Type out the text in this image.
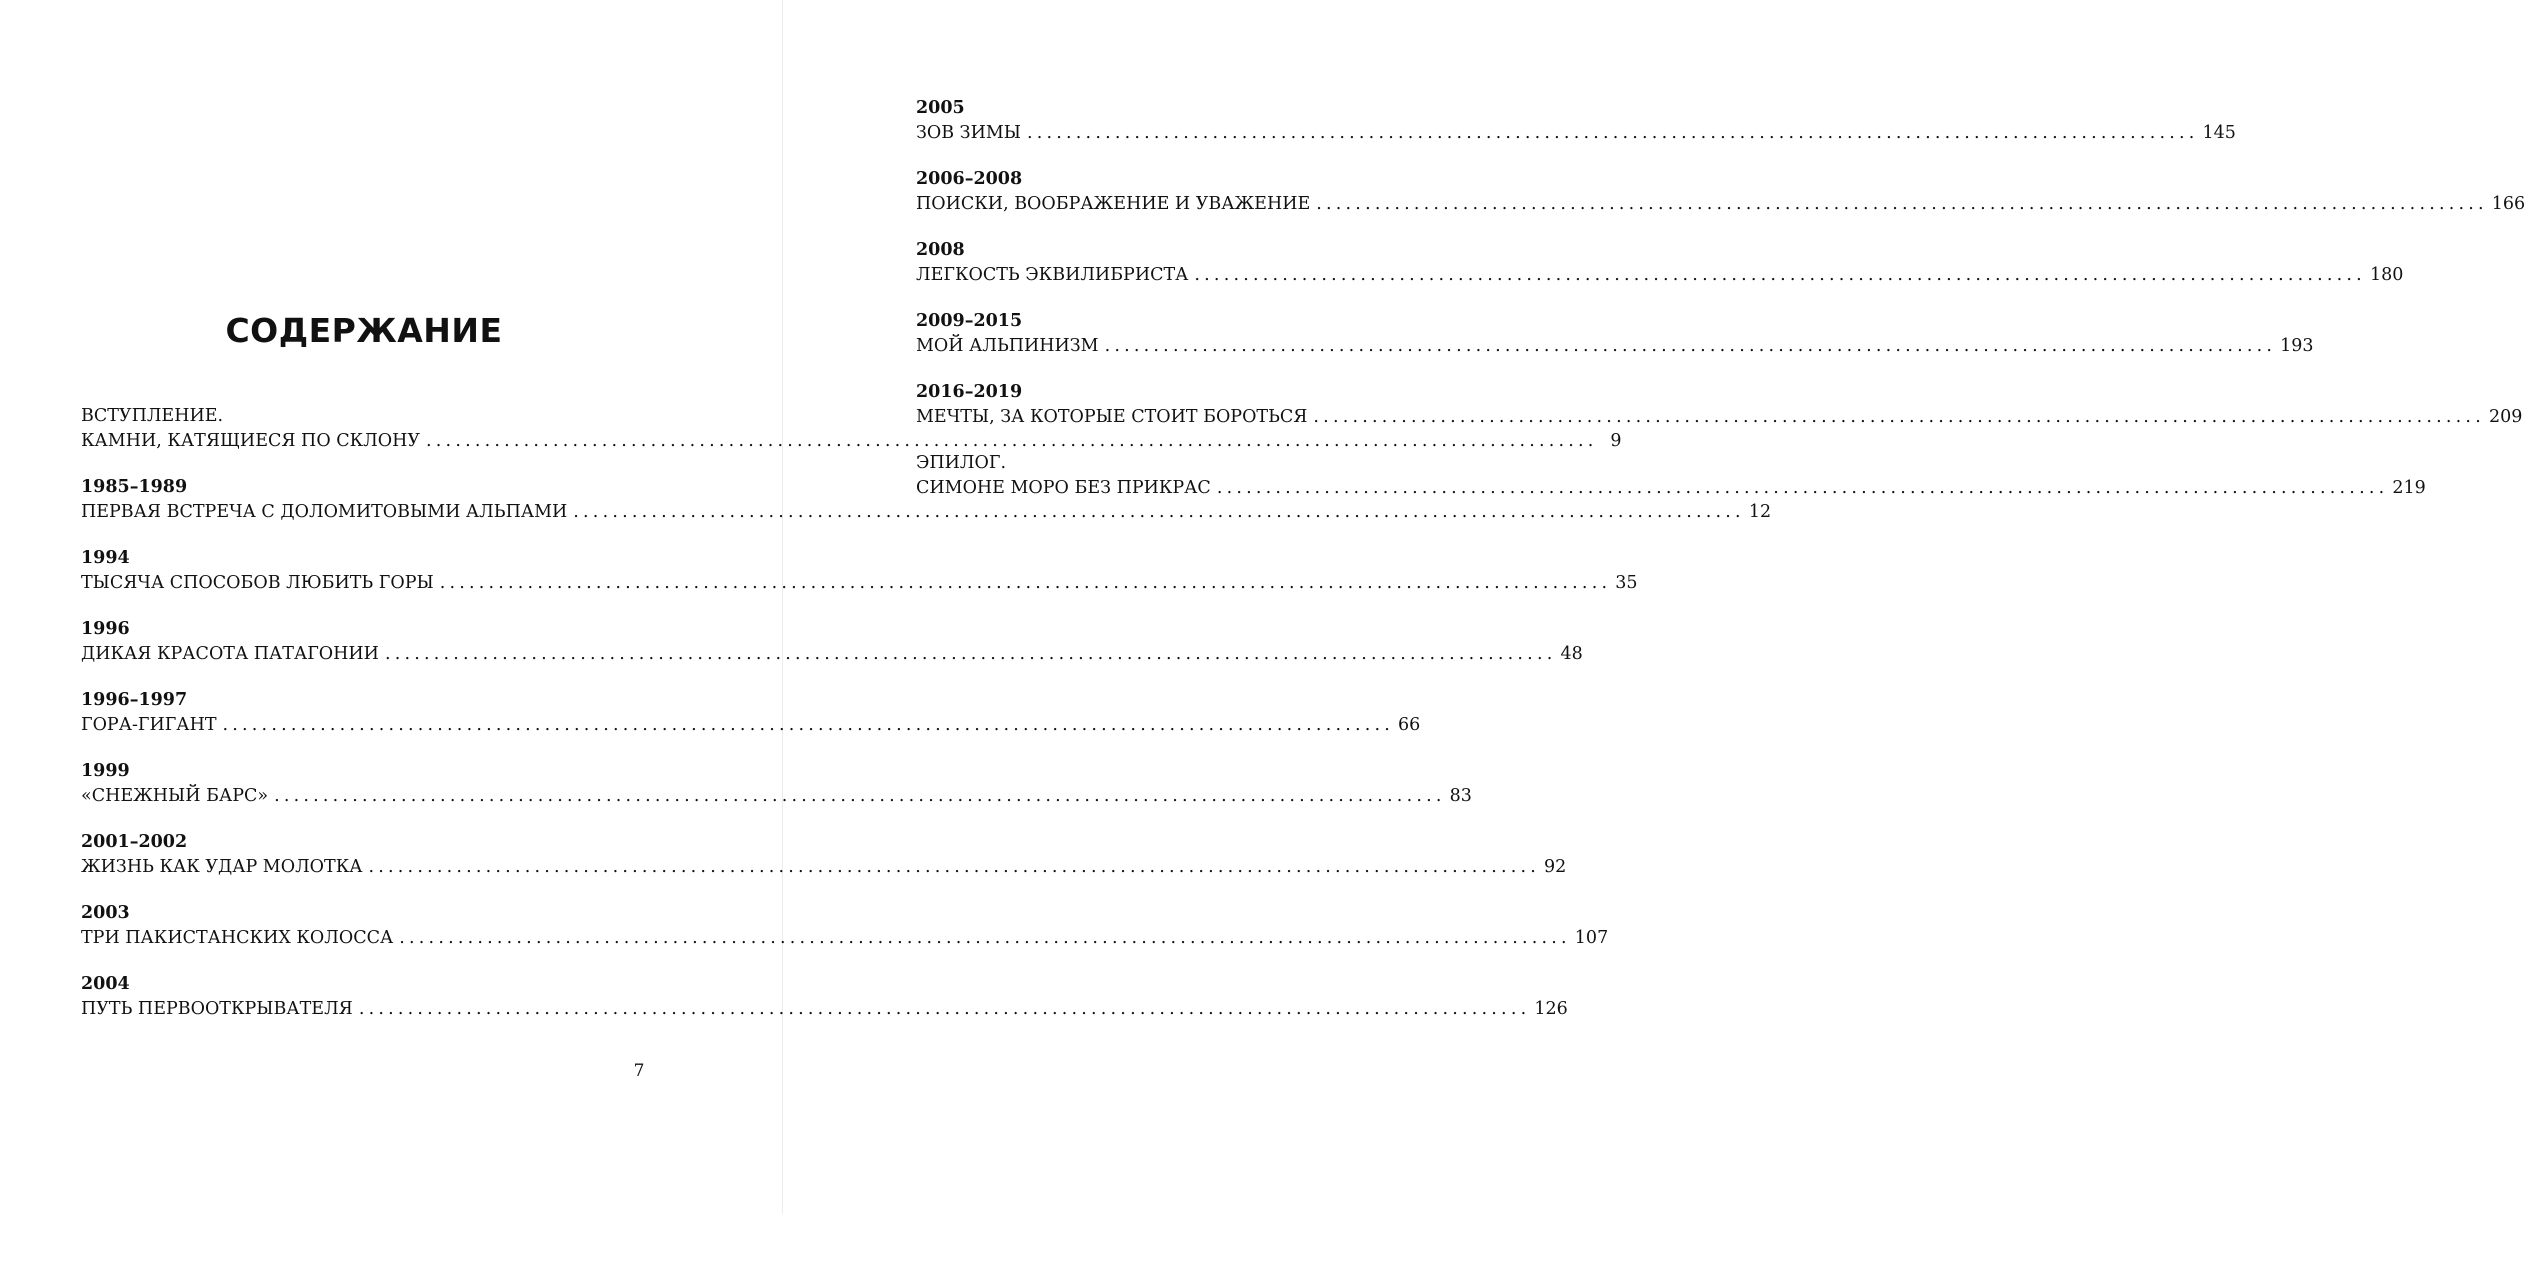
СОДЕРЖАНИЕ
ВСТУПЛЕНИЕ.
КАМНИ, КАТЯЩИЕСЯ ПО СКЛОНУ ........................................................................................................................ 9
1985–1989
ПЕРВАЯ ВСТРЕЧА С ДОЛОМИТОВЫМИ АЛЬПАМИ ........................................................................................................................ 12
1994
ТЫСЯЧА СПОСОБОВ ЛЮБИТЬ ГОРЫ ........................................................................................................................ 35
1996
ДИКАЯ КРАСОТА ПАТАГОНИИ ........................................................................................................................ 48
1996–1997
ГОРА-ГИГАНТ ........................................................................................................................ 66
1999
«СНЕЖНЫЙ БАРС» ........................................................................................................................ 83
2001–2002
ЖИЗНЬ КАК УДАР МОЛОТКА ........................................................................................................................ 92
2003
ТРИ ПАКИСТАНСКИХ КОЛОССА ........................................................................................................................ 107
2004
ПУТЬ ПЕРВООТКРЫВАТЕЛЯ ........................................................................................................................ 126
7
2005
ЗОВ ЗИМЫ ........................................................................................................................ 145
2006–2008
ПОИСКИ, ВООБРАЖЕНИЕ И УВАЖЕНИЕ ........................................................................................................................ 166
2008
ЛЕГКОСТЬ ЭКВИЛИБРИСТА ........................................................................................................................ 180
2009–2015
МОЙ АЛЬПИНИЗМ ........................................................................................................................ 193
2016–2019
МЕЧТЫ, ЗА КОТОРЫЕ СТОИТ БОРОТЬСЯ ........................................................................................................................ 209
ЭПИЛОГ.
СИМОНЕ МОРО БЕЗ ПРИКРАС ........................................................................................................................ 219
